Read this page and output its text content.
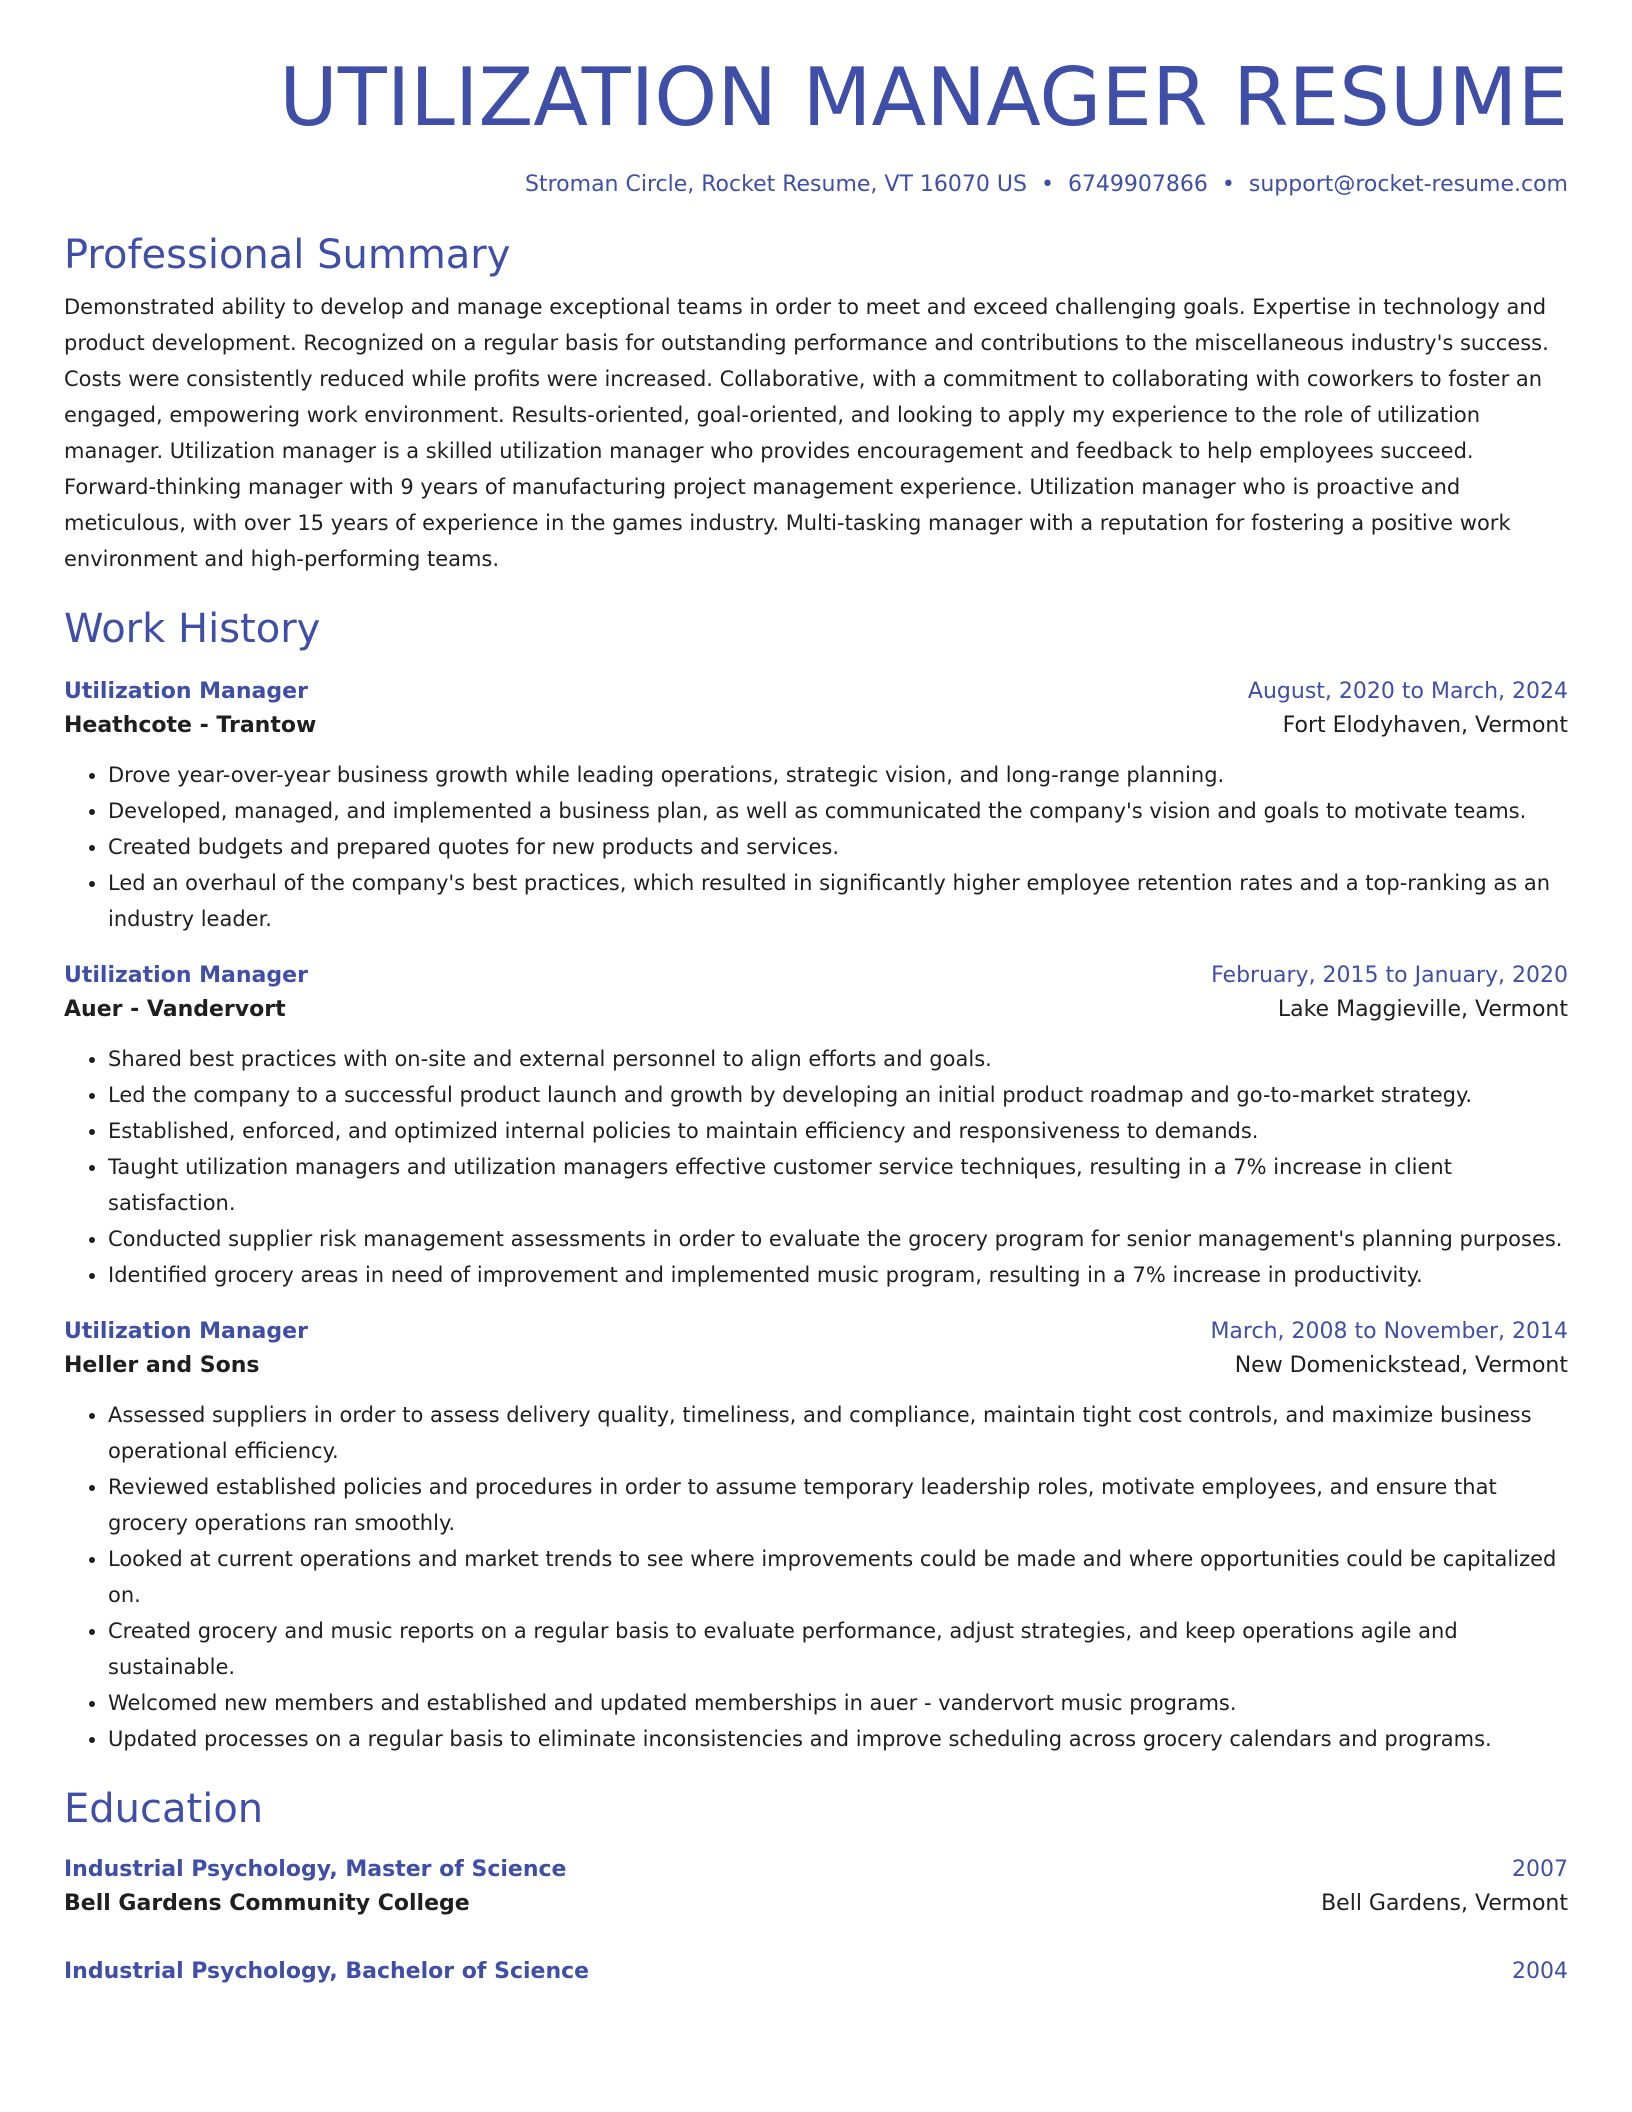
UTILIZATION MANAGER RESUME
Stroman Circle, Rocket Resume, VT 16070 US • 6749907866 • support@rocket-resume.com
Professional Summary
Demonstrated ability to develop and manage exceptional teams in order to meet and exceed challenging goals. Expertise in technology and product development. Recognized on a regular basis for outstanding performance and contributions to the miscellaneous industry's success. Costs were consistently reduced while profits were increased. Collaborative, with a commitment to collaborating with coworkers to foster an engaged, empowering work environment. Results-oriented, goal-oriented, and looking to apply my experience to the role of utilization manager. Utilization manager is a skilled utilization manager who provides encouragement and feedback to help employees succeed. Forward-thinking manager with 9 years of manufacturing project management experience. Utilization manager who is proactive and meticulous, with over 15 years of experience in the games industry. Multi-tasking manager with a reputation for fostering a positive work environment and high-performing teams.
Work History
Utilization Manager	August, 2020 to March, 2024
Heathcote - Trantow	Fort Elodyhaven, Vermont
• Drove year-over-year business growth while leading operations, strategic vision, and long-range planning.
• Developed, managed, and implemented a business plan, as well as communicated the company's vision and goals to motivate teams.
• Created budgets and prepared quotes for new products and services.
• Led an overhaul of the company's best practices, which resulted in significantly higher employee retention rates and a top-ranking as an industry leader.
Utilization Manager	February, 2015 to January, 2020
Auer - Vandervort	Lake Maggieville, Vermont
• Shared best practices with on-site and external personnel to align efforts and goals.
• Led the company to a successful product launch and growth by developing an initial product roadmap and go-to-market strategy.
• Established, enforced, and optimized internal policies to maintain efficiency and responsiveness to demands.
• Taught utilization managers and utilization managers effective customer service techniques, resulting in a 7% increase in client satisfaction.
• Conducted supplier risk management assessments in order to evaluate the grocery program for senior management's planning purposes.
• Identified grocery areas in need of improvement and implemented music program, resulting in a 7% increase in productivity.
Utilization Manager	March, 2008 to November, 2014
Heller and Sons	New Domenickstead, Vermont
• Assessed suppliers in order to assess delivery quality, timeliness, and compliance, maintain tight cost controls, and maximize business operational efficiency.
• Reviewed established policies and procedures in order to assume temporary leadership roles, motivate employees, and ensure that grocery operations ran smoothly.
• Looked at current operations and market trends to see where improvements could be made and where opportunities could be capitalized on.
• Created grocery and music reports on a regular basis to evaluate performance, adjust strategies, and keep operations agile and sustainable.
• Welcomed new members and established and updated memberships in auer - vandervort music programs.
• Updated processes on a regular basis to eliminate inconsistencies and improve scheduling across grocery calendars and programs.
Education
Industrial Psychology, Master of Science	2007
Bell Gardens Community College	Bell Gardens, Vermont
Industrial Psychology, Bachelor of Science	2004
